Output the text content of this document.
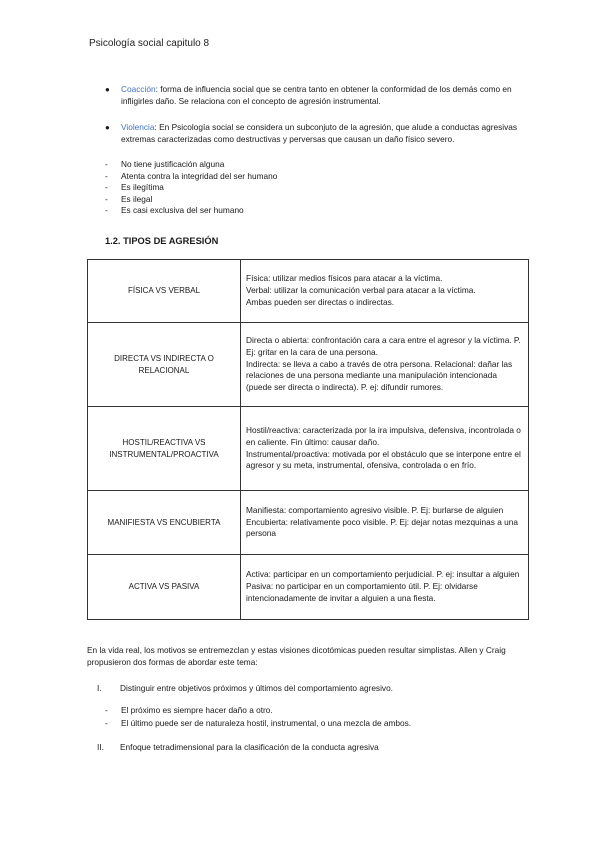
Psicología social capitulo 8
● Coacción: forma de influencia social que se centra tanto en obtener la conformidad de los demás como en infligirles daño. Se relaciona con el concepto de agresión instrumental.
● Violencia: En Psicología social se considera un subconjuto de la agresión, que alude a conductas agresivas extremas caracterizadas como destructivas y perversas que causan un daño físico severo.
- No tiene justificación alguna
- Atenta contra la integridad del ser humano
- Es ilegítima
- Es ilegal
- Es casi exclusiva del ser humano
1.2. TIPOS DE AGRESIÓN
FÍSICA VS VERBAL	Física: utilizar medios físicos para atacar a la víctima.
Verbal: utilizar la comunicación verbal para atacar a la víctima.
Ambas pueden ser directas o indirectas.

DIRECTA VS INDIRECTA O RELACIONAL	Directa o abierta: confrontación cara a cara entre el agresor y la víctima. P. Ej: gritar en la cara de una persona.
Indirecta: se lleva a cabo a través de otra persona. Relacional: dañar las relaciones de una persona mediante una manipulación intencionada (puede ser directa o indirecta). P. ej: difundir rumores.

HOSTIL/REACTIVA VS INSTRUMENTAL/PROACTIVA	Hostil/reactiva: caracterizada por la ira impulsiva, defensiva, incontrolada o en caliente. Fin último: causar daño.
Instrumental/proactiva: motivada por el obstáculo que se interpone entre el agresor y su meta, instrumental, ofensiva, controlada o en frío.

MANIFIESTA VS ENCUBIERTA	Manifiesta: comportamiento agresivo visible. P. Ej: burlarse de alguien
Encubierta: relativamente poco visible. P. Ej: dejar notas mezquinas a una persona

ACTIVA VS PASIVA	Activa: participar en un comportamiento perjudicial. P. ej: insultar a alguien
Pasiva: no participar en un comportamiento útil. P. Ej: olvidarse intencionadamente de invitar a alguien a una fiesta.
En la vida real, los motivos se entremezclan y estas visiones dicotómicas pueden resultar simplistas. Allen y Craig propusieron dos formas de abordar este tema:
I. Distinguir entre objetivos próximos y últimos del comportamiento agresivo.
- El próximo es siempre hacer daño a otro.
- El último puede ser de naturaleza hostil, instrumental, o una mezcla de ambos.
II. Enfoque tetradimensional para la clasificación de la conducta agresiva
